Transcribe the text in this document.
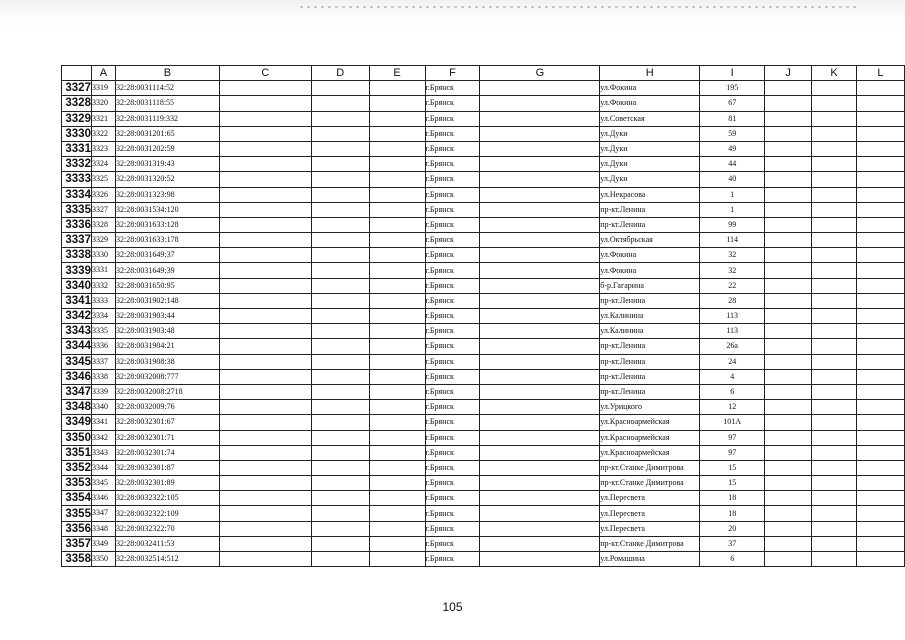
	A	B	C	D	E	F	G	H	I	J	K	L
3327	3319	32:28:0031114:52				г.Брянск		ул.Фокина	195			
3328	3320	32:28:0031118:55				г.Брянск		ул.Фокина	67			
3329	3321	32:28:0031119:332				г.Брянск		ул.Советская	81			
3330	3322	32:28:0031201:65				г.Брянск		ул.Дуки	59			
3331	3323	32:28:0031202:59				г.Брянск		ул.Дуки	49			
3332	3324	32:28:0031319:43				г.Брянск		ул.Дуки	44			
3333	3325	32:28:0031320:52				г.Брянск		ул.Дуки	40			
3334	3326	32:28:0031323:98				г.Брянск		ул.Некрасова	1			
3335	3327	32:28:0031534:120				г.Брянск		пр-кт.Ленина	1			
3336	3328	32:28:0031633:128				г.Брянск		пр-кт.Ленина	99			
3337	3329	32:28:0031633:178				г.Брянск		ул.Октябрьская	114			
3338	3330	32:28:0031649:37				г.Брянск		ул.Фокина	32			
3339	3331	32:28:0031649:39				г.Брянск		ул.Фокина	32			
3340	3332	32:28:0031650:95				г.Брянск		б-р.Гагарина	22			
3341	3333	32:28:0031902:148				г.Брянск		пр-кт.Ленина	28			
3342	3334	32:28:0031903:44				г.Брянск		ул.Калинина	113			
3343	3335	32:28:0031903:48				г.Брянск		ул.Калинина	113			
3344	3336	32:28:0031904:21				г.Брянск		пр-кт.Ленина	26а			
3345	3337	32:28:0031908:38				г.Брянск		пр-кт.Ленина	24			
3346	3338	32:28:0032008:777				г.Брянск		пр-кт.Ленина	4			
3347	3339	32:28:0032008:2718				г.Брянск		пр-кт.Ленина	6			
3348	3340	32:28:0032009:76				г.Брянск		ул.Урицкого	12			
3349	3341	32:28:0032301:67				г.Брянск		ул.Красноармейская	101А			
3350	3342	32:28:0032301:71				г.Брянск		ул.Красноармейская	97			
3351	3343	32:28:0032301:74				г.Брянск		ул.Красноармейская	97			
3352	3344	32:28:0032301:87				г.Брянск		пр-кт.Станке Димитрова	15			
3353	3345	32:28:0032301:89				г.Брянск		пр-кт.Станке Димитрова	15			
3354	3346	32:28:0032322:105				г.Брянск		ул.Пересвета	18			
3355	3347	32:28:0032322:109				г.Брянск		ул.Пересвета	18			
3356	3348	32:28:0032322:70				г.Брянск		ул.Пересвета	20			
3357	3349	32:28:0032411:53				г.Брянск		пр-кт.Станке Димитрова	37			
3358	3350	32:28:0032514:512				г.Брянск		ул.Ромашина	6			
105
